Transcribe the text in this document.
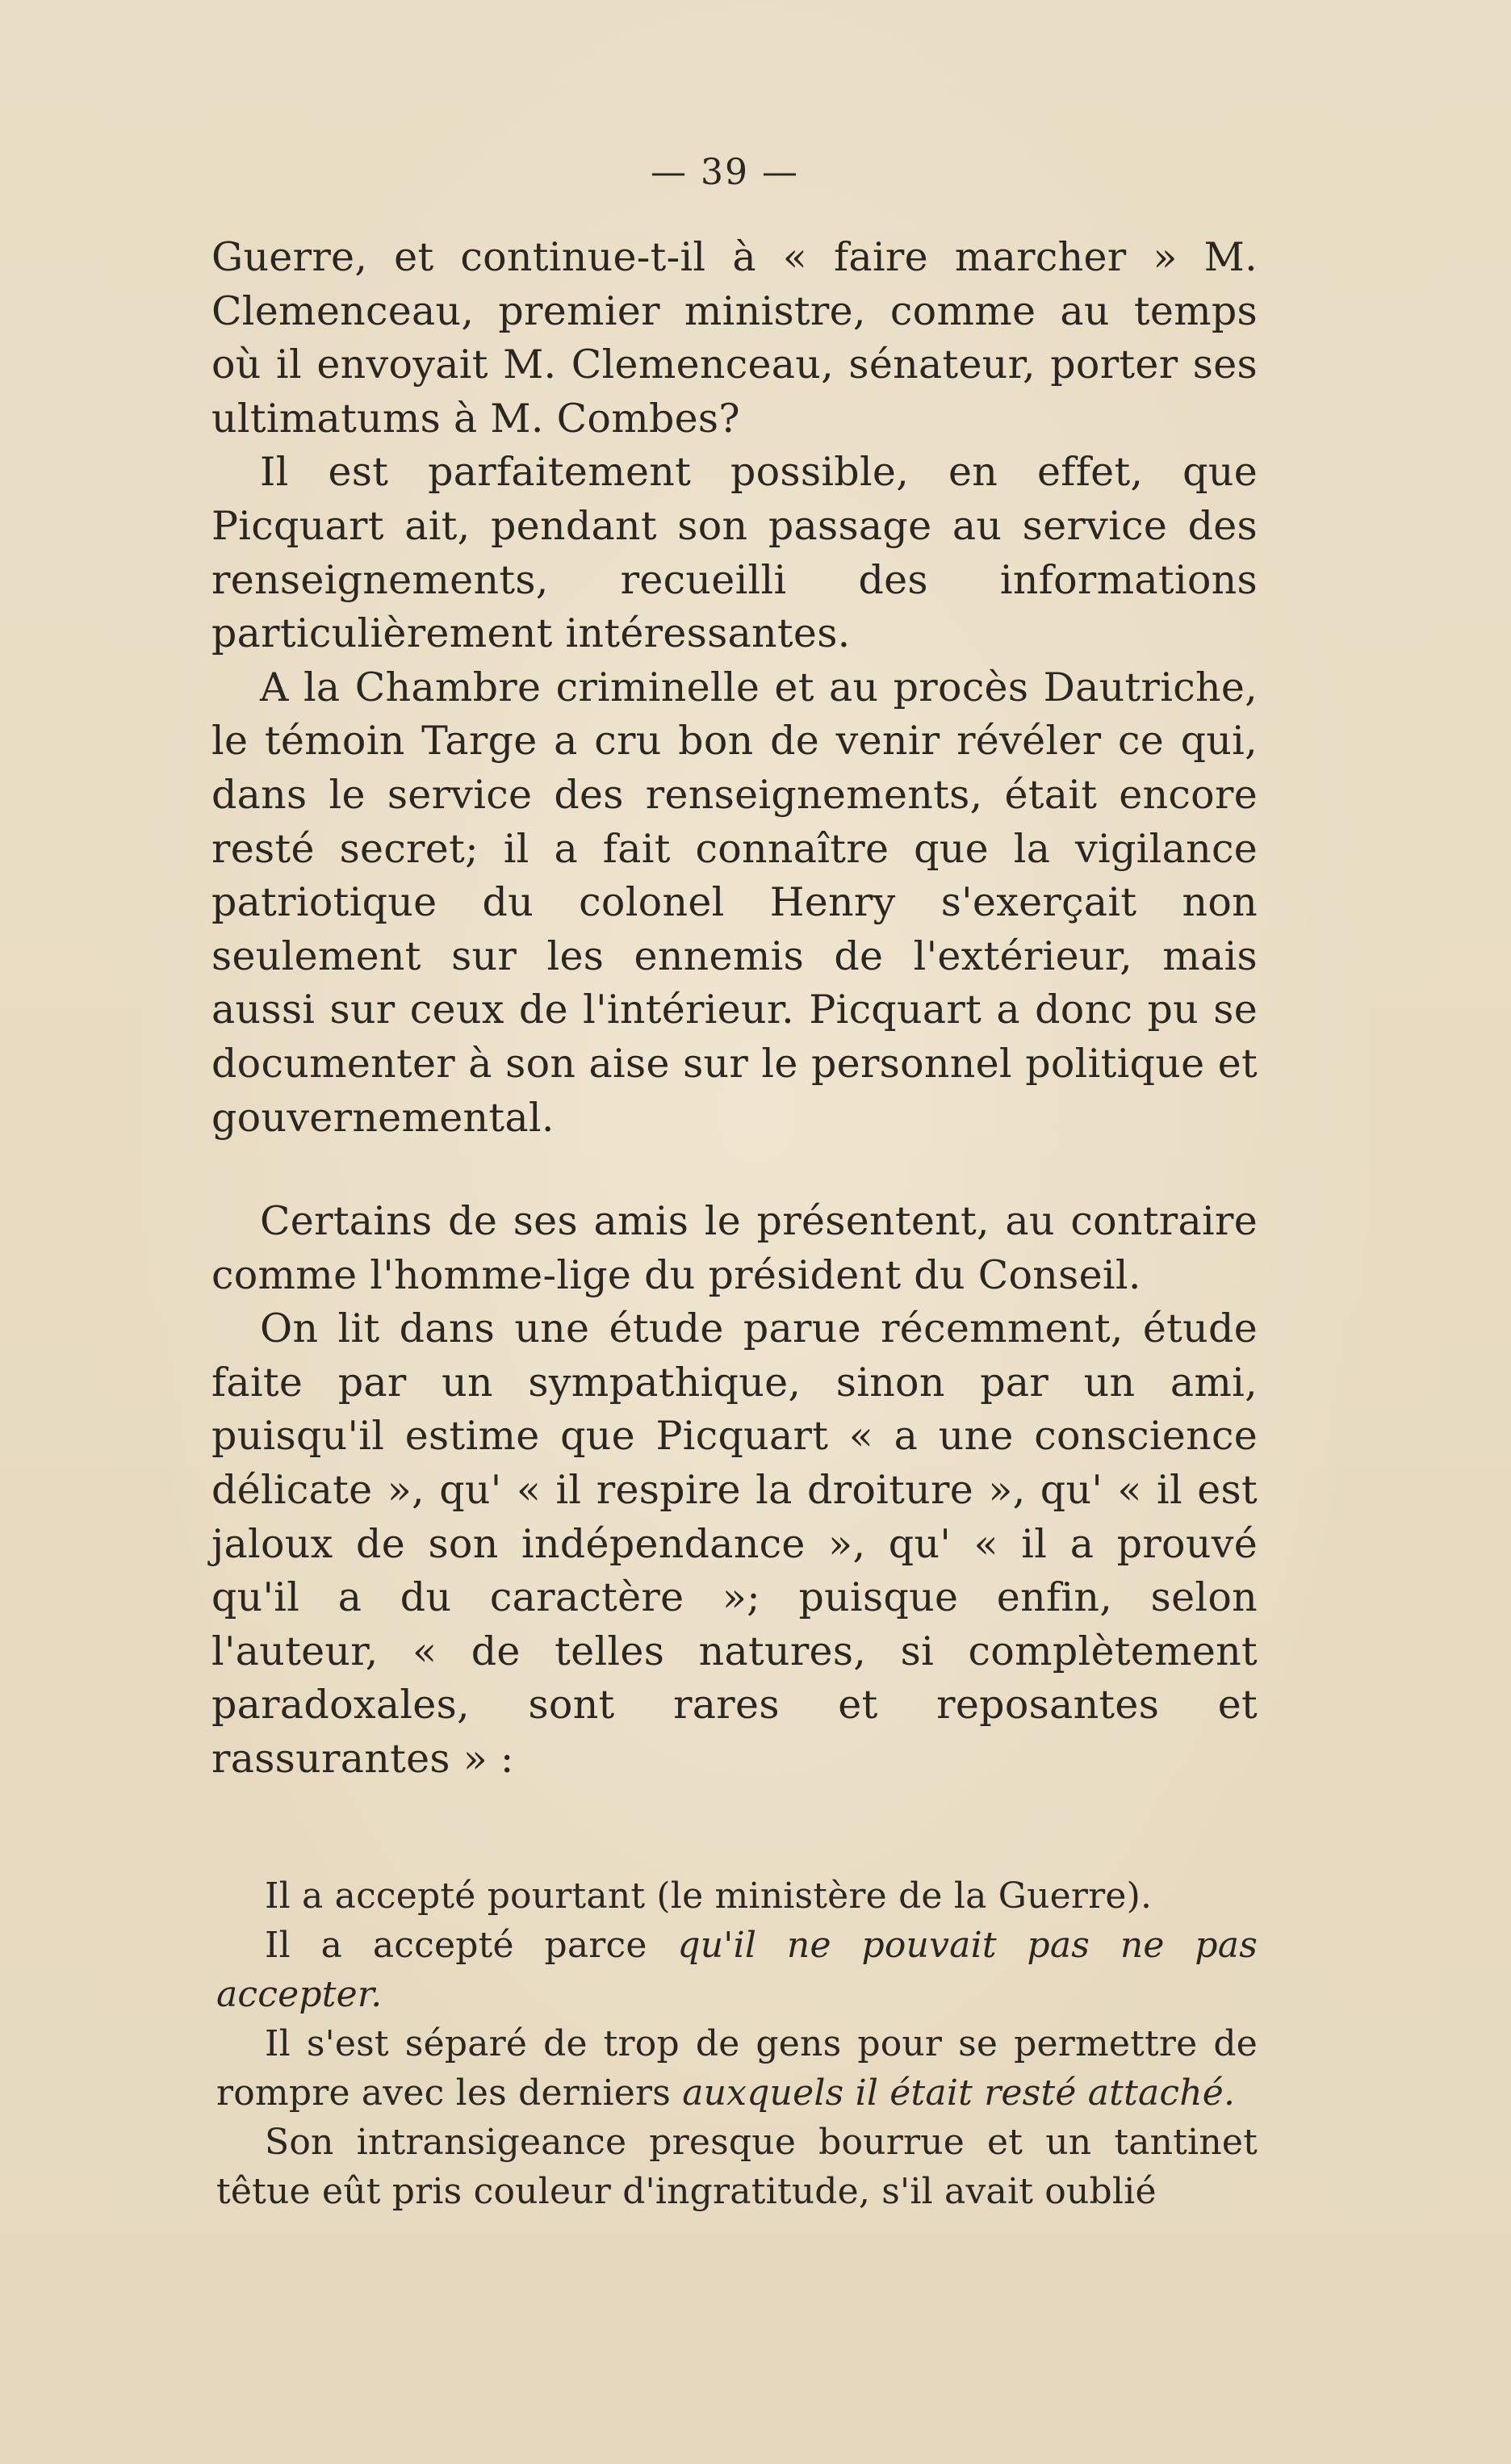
— 39 —

Guerre, et continue-t-il à « faire marcher » M. Clemenceau, premier ministre, comme au temps où il envoyait M. Clemenceau, sénateur, porter ses ultimatums à M. Combes?

Il est parfaitement possible, en effet, que Picquart ait, pendant son passage au service des renseignements, recueilli des informations particulièrement intéressantes.

A la Chambre criminelle et au procès Dautriche, le témoin Targe a cru bon de venir révéler ce qui, dans le service des renseignements, était encore resté secret; il a fait connaître que la vigilance patriotique du colonel Henry s'exerçait non seulement sur les ennemis de l'extérieur, mais aussi sur ceux de l'intérieur. Picquart a donc pu se documenter à son aise sur le personnel politique et gouvernemental.

Certains de ses amis le présentent, au contraire comme l'homme-lige du président du Conseil.

On lit dans une étude parue récemment, étude faite par un sympathique, sinon par un ami, puisqu'il estime que Picquart « a une conscience délicate », qu' « il respire la droiture », qu' « il est jaloux de son indépendance », qu' « il a prouvé qu'il a du caractère »; puisque enfin, selon l'auteur, « de telles natures, si complètement paradoxales, sont rares et reposantes et rassurantes » :

Il a accepté pourtant (le ministère de la Guerre).

Il a accepté parce qu'il ne pouvait pas ne pas accepter.

Il s'est séparé de trop de gens pour se permettre de rompre avec les derniers auxquels il était resté attaché.

Son intransigeance presque bourrue et un tantinet têtue eût pris couleur d'ingratitude, s'il avait oublié
